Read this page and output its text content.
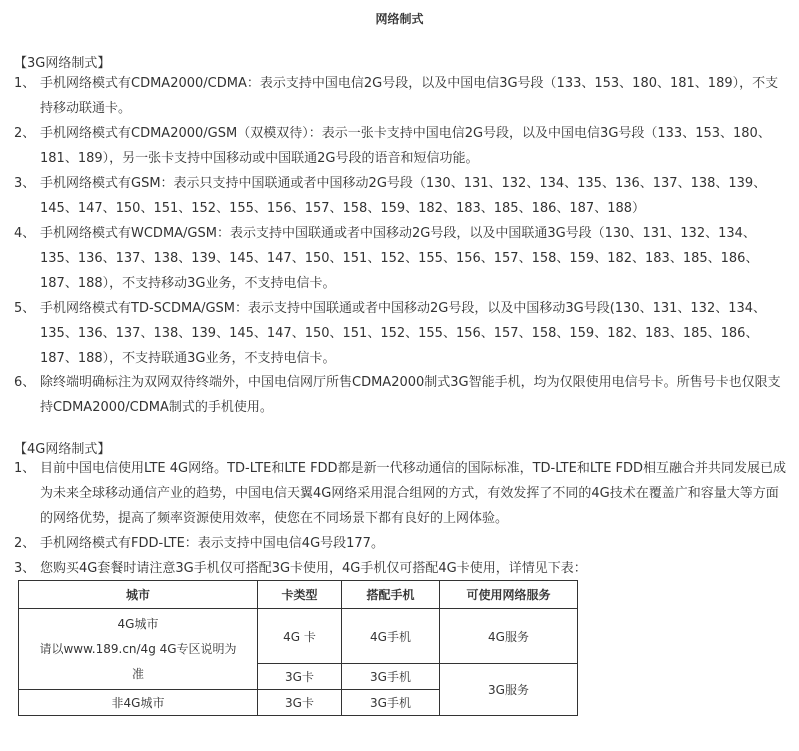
网络制式
【3G网络制式】
1、 手机网络模式有CDMA2000/CDMA：表示支持中国电信2G号段，以及中国电信3G号段（133、153、180、181、189），不支持移动联通卡。
2、 手机网络模式有CDMA2000/GSM（双模双待）：表示一张卡支持中国电信2G号段，以及中国电信3G号段（133、153、180、181、189），另一张卡支持中国移动或中国联通2G号段的语音和短信功能。
3、 手机网络模式有GSM：表示只支持中国联通或者中国移动2G号段（130、131、132、134、135、136、137、138、139、145、147、150、151、152、155、156、157、158、159、182、183、185、186、187、188）
4、 手机网络模式有WCDMA/GSM：表示支持中国联通或者中国移动2G号段，以及中国联通3G号段（130、131、132、134、135、136、137、138、139、145、147、150、151、152、155、156、157、158、159、182、183、185、186、187、188），不支持移动3G业务，不支持电信卡。
5、 手机网络模式有TD-SCDMA/GSM：表示支持中国联通或者中国移动2G号段，以及中国移动3G号段(130、131、132、134、135、136、137、138、139、145、147、150、151、152、155、156、157、158、159、182、183、185、186、187、188），不支持联通3G业务，不支持电信卡。
6、 除终端明确标注为双网双待终端外，中国电信网厅所售CDMA2000制式3G智能手机，均为仅限使用电信号卡。所售号卡也仅限支持CDMA2000/CDMA制式的手机使用。
【4G网络制式】
1、 目前中国电信使用LTE 4G网络。TD-LTE和LTE FDD都是新一代移动通信的国际标准，TD-LTE和LTE FDD相互融合并共同发展已成为未来全球移动通信产业的趋势，中国电信天翼4G网络采用混合组网的方式，有效发挥了不同的4G技术在覆盖广和容量大等方面的网络优势，提高了频率资源使用效率，使您在不同场景下都有良好的上网体验。
2、 手机网络模式有FDD-LTE：表示支持中国电信4G号段177。
3、 您购买4G套餐时请注意3G手机仅可搭配3G卡使用，4G手机仅可搭配4G卡使用，详情见下表：
城市	卡类型	搭配手机	可使用网络服务

4G城市
请以www.189.cn/4g 4G专区说明为
准	4G 卡	4G手机	4G服务
	3G卡	3G手机	3G服务
非4G城市	3G卡	3G手机	
